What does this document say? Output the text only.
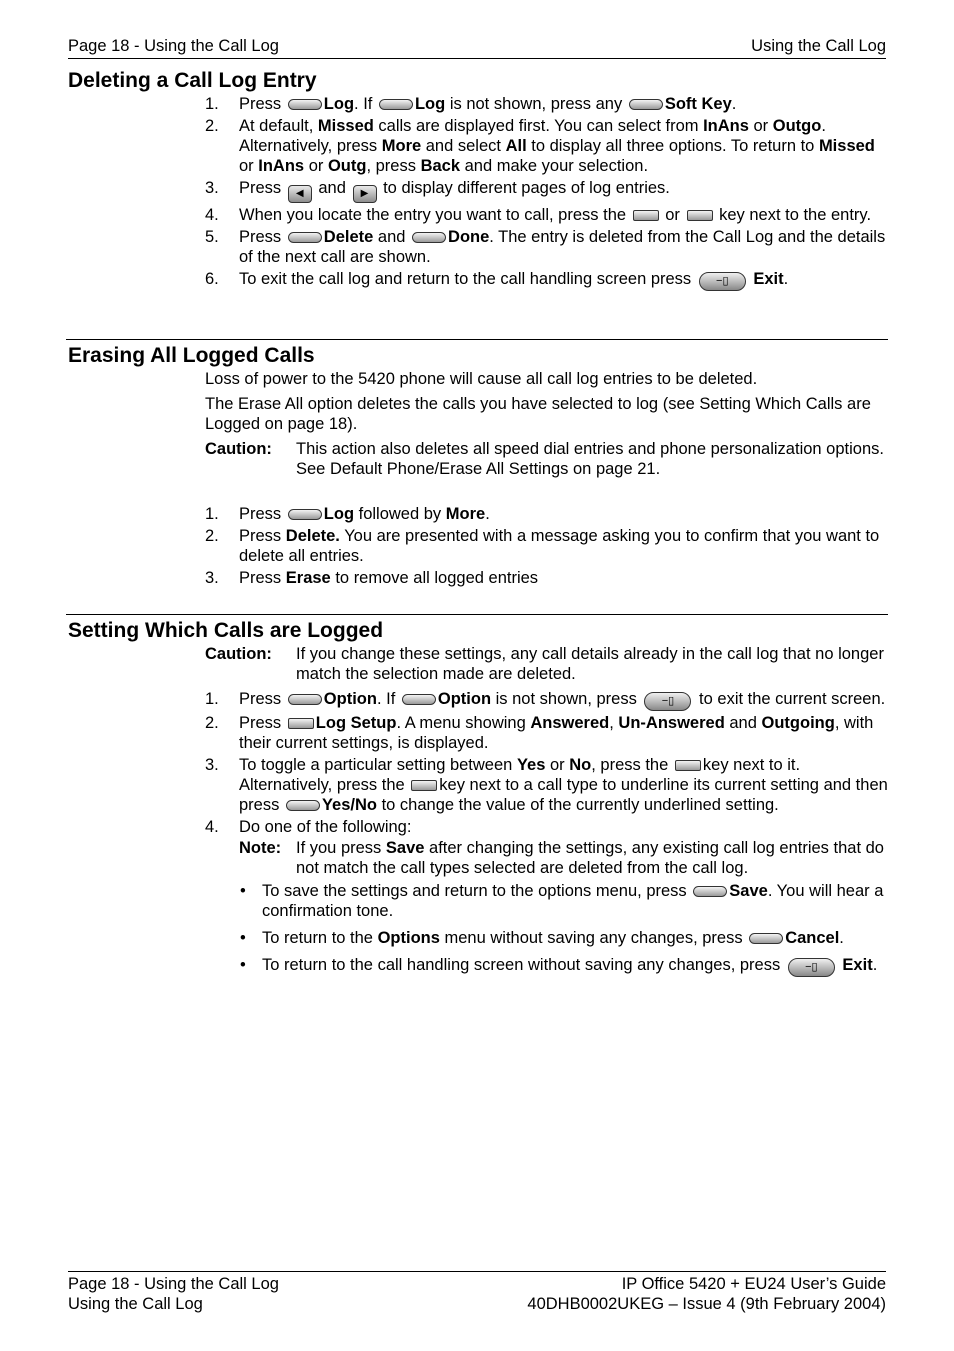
Page 18 - Using the Call Log	Using the Call Log
Deleting a Call Log Entry
1. Press	Log. If	Log is not shown, press any	Soft Key.
2. At default, Missed calls are displayed first. You can select from InAns or Outgo. Alternatively, press More and select All to display all three options. To return to Missed or InAns or Outg, press Back and make your selection.
3. Press ◀ and ▶ to display different pages of log entries.
4. When you locate the entry you want to call, press the or key next to the entry.
5. Press	Delete and	Done. The entry is deleted from the Call Log and the details of the next call are shown.
6. To exit the call log and return to the call handling screen press −▯ Exit.
Erasing All Logged Calls
Loss of power to the 5420 phone will cause all call log entries to be deleted.
The Erase All option deletes the calls you have selected to log (see Setting Which Calls are Logged on page 18).
Caution: This action also deletes all speed dial entries and phone personalization options. See Default Phone/Erase All Settings on page 21.
1. Press	Log followed by More.
2. Press Delete. You are presented with a message asking you to confirm that you want to delete all entries.
3. Press Erase to remove all logged entries
Setting Which Calls are Logged
Caution: If you change these settings, any call details already in the call log that no longer match the selection made are deleted.
1. Press	Option. If	Option is not shown, press −▯ to exit the current screen.
2. Press Log Setup. A menu showing Answered, Un-Answered and Outgoing, with their current settings, is displayed.
3. To toggle a particular setting between Yes or No, press the key next to it. Alternatively, press the key next to a call type to underline its current setting and then press	Yes/No to change the value of the currently underlined setting.
4. Do one of the following:
Note: If you press Save after changing the settings, any existing call log entries that do not match the call types selected are deleted from the call log.
• To save the settings and return to the options menu, press	Save. You will hear a confirmation tone.
• To return to the Options menu without saving any changes, press	Cancel.
• To return to the call handling screen without saving any changes, press −▯ Exit.
Page 18 - Using the Call Log	IP Office 5420 + EU24 User’s Guide
Using the Call Log	40DHB0002UKEG – Issue 4 (9th February 2004)
